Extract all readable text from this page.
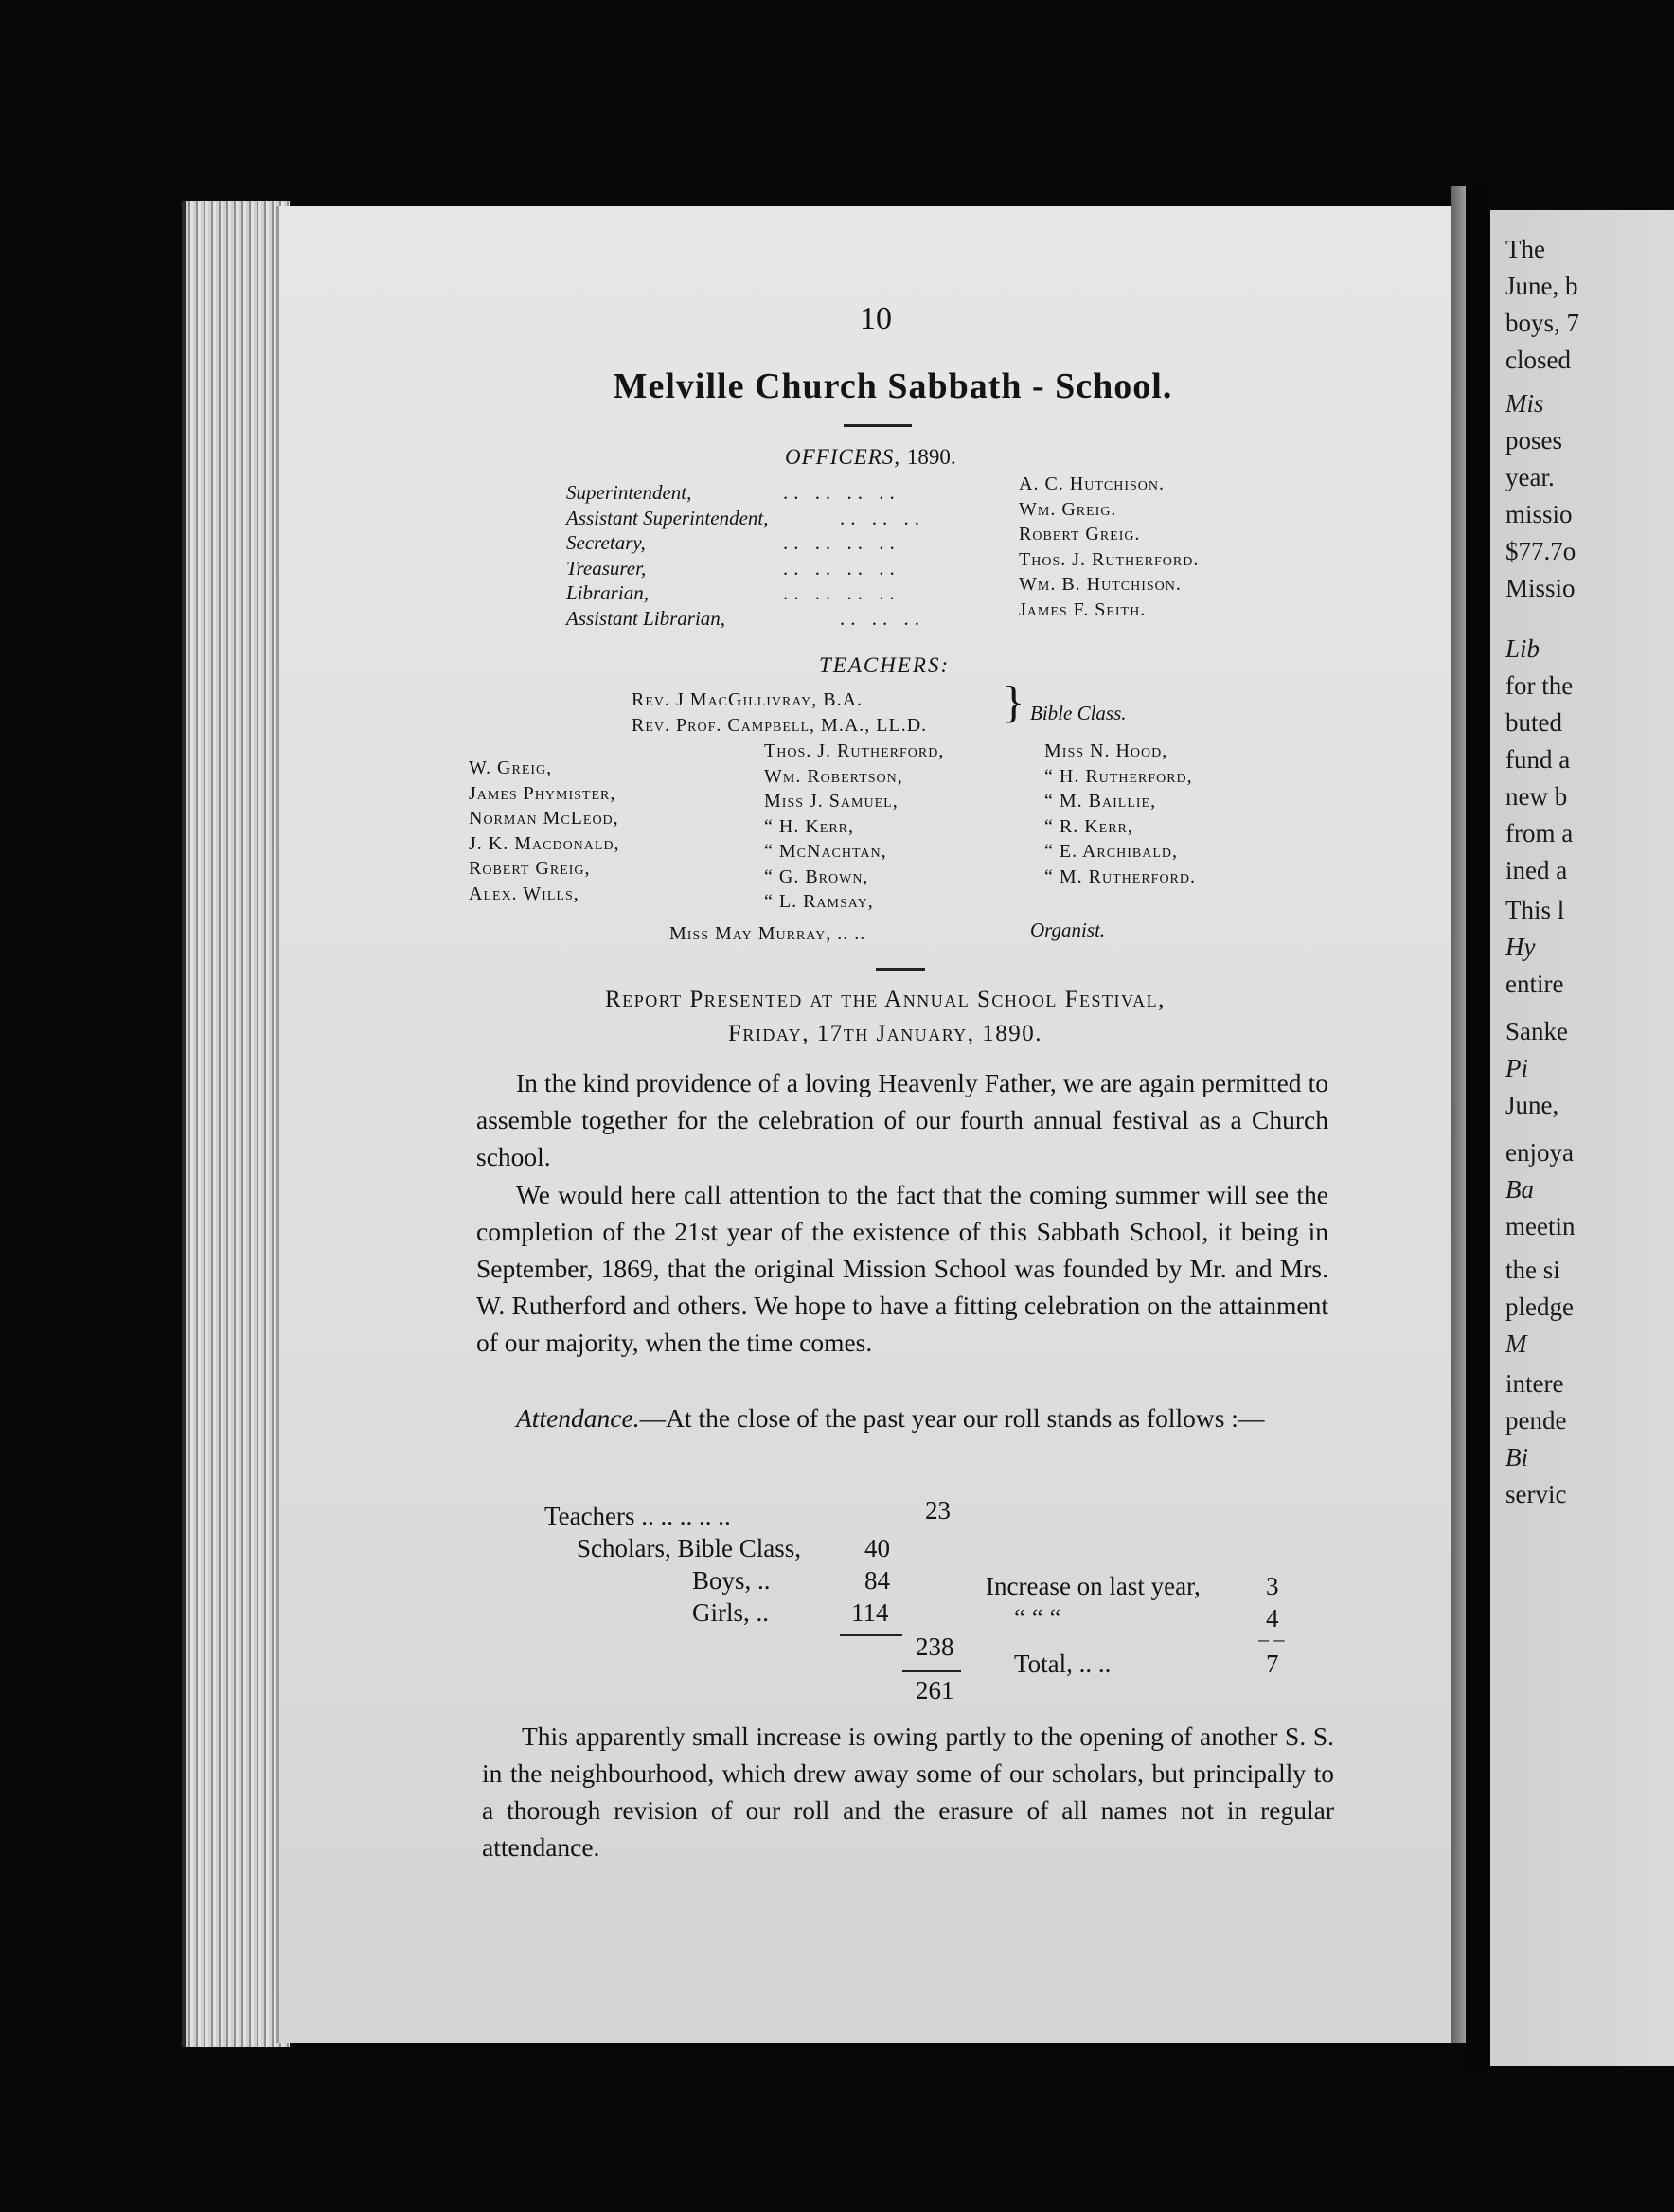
10
Melville Church Sabbath - School.
OFFICERS, 1890.
Superintendent,	.. .. .. ..	A. C. Hutchison.
Assistant Superintendent,	.. .. ..	Wm. Greig.
Secretary,	.. .. .. ..	Robert Greig.
Treasurer,	.. .. .. ..	Thos. J. Rutherford.
Librarian,	.. .. .. ..	Wm. B. Hutchison.
Assistant Librarian,	.. .. ..	James F. Seith.
TEACHERS:
Rev. J MacGillivray, B.A.
Rev. Prof. Campbell, M.A., LL.D. } Bible Class.
W. Greig,
James Phymister,
Norman McLeod,
J. K. Macdonald,
Robert Greig,
Alex. Wills,
Thos. J. Rutherford,
Wm. Robertson,
Miss J. Samuel,
“ H. Kerr,
“ McNachtan,
“ G. Brown,
“ L. Ramsay,
Miss N. Hood,
“ H. Rutherford,
“ M. Baillie,
“ R. Kerr,
“ E. Archibald,
“ M. Rutherford.
Miss May Murray, .. ..	Organist.
Report Presented at the Annual School Festival,
Friday, 17th January, 1890.
In the kind providence of a loving Heavenly Father, we are again permitted to assemble together for the celebration of our fourth annual festival as a Church school.
We would here call attention to the fact that the coming summer will see the completion of the 21st year of the existence of this Sabbath School, it being in September, 1869, that the original Mission School was founded by Mr. and Mrs. W. Rutherford and others. We hope to have a fitting celebration on the attainment of our majority, when the time comes.
Attendance.—At the close of the past year our roll stands as follows :—
Teachers .. .. .. .. ..	23
Scholars, Bible Class, 40
Boys, ..	84
Girls, ..	114
238
261
Increase on last year,	3
“ “ “	4
– –
Total, .. ..	7
This apparently small increase is owing partly to the opening of another S. S. in the neighbourhood, which drew away some of our scholars, but principally to a thorough revision of our roll and the erasure of all names not in regular attendance.
The
June, b
boys, 7
closed
Mis
poses
year.
missio
$77.7o
Missio
Lib
for the
buted
fund a
new b
from a
ined a
This l
Hy
entire
Sanke
Pi
June,
enjoya
Ba
meetin
the si
pledge
M
intere
pende
Bi
servic
